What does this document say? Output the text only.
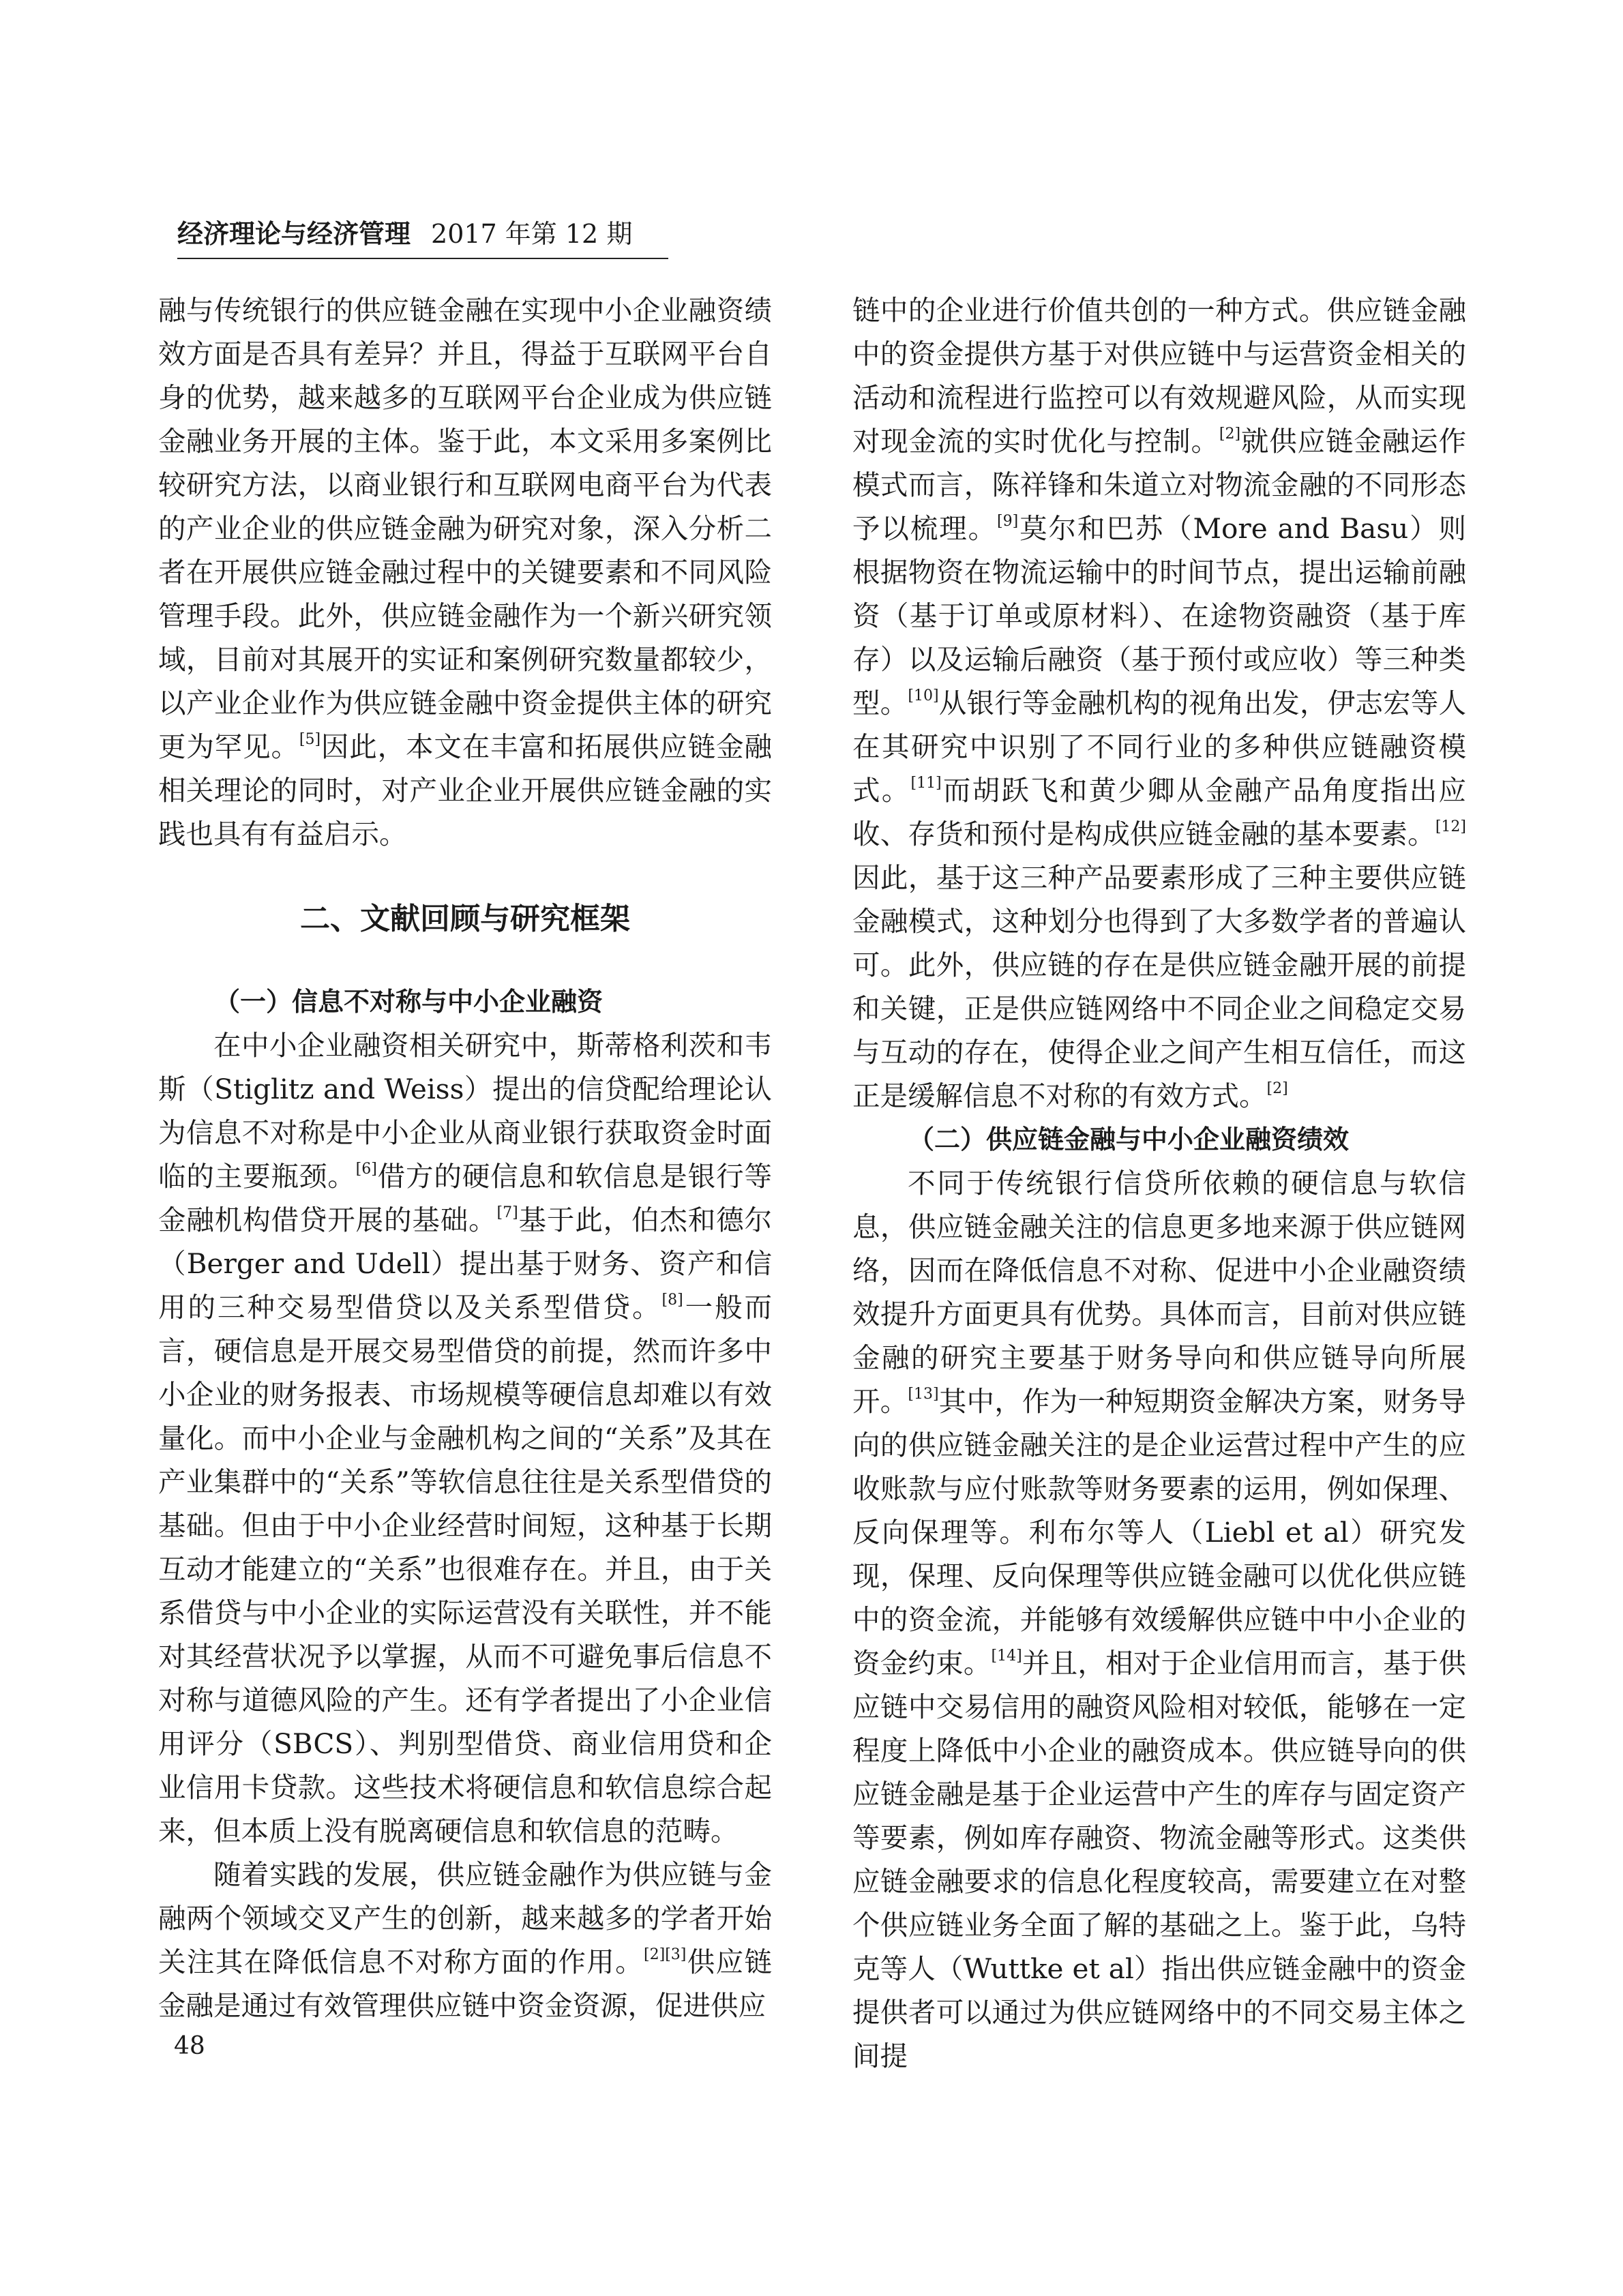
经济理论与经济管理 2017 年第 12 期

融与传统银行的供应链金融在实现中小企业融资绩效方面是否具有差异？并且，得益于互联网平台自身的优势，越来越多的互联网平台企业成为供应链金融业务开展的主体。鉴于此，本文采用多案例比较研究方法，以商业银行和互联网电商平台为代表的产业企业的供应链金融为研究对象，深入分析二者在开展供应链金融过程中的关键要素和不同风险管理手段。此外，供应链金融作为一个新兴研究领域，目前对其展开的实证和案例研究数量都较少，以产业企业作为供应链金融中资金提供主体的研究更为罕见。[5]因此，本文在丰富和拓展供应链金融相关理论的同时，对产业企业开展供应链金融的实践也具有有益启示。

二、文献回顾与研究框架

（一）信息不对称与中小企业融资

在中小企业融资相关研究中，斯蒂格利茨和韦斯（Stiglitz and Weiss）提出的信贷配给理论认为信息不对称是中小企业从商业银行获取资金时面临的主要瓶颈。[6]借方的硬信息和软信息是银行等金融机构借贷开展的基础。[7]基于此，伯杰和德尔（Berger and Udell）提出基于财务、资产和信用的三种交易型借贷以及关系型借贷。[8]一般而言，硬信息是开展交易型借贷的前提，然而许多中小企业的财务报表、市场规模等硬信息却难以有效量化。而中小企业与金融机构之间的“关系”及其在产业集群中的“关系”等软信息往往是关系型借贷的基础。但由于中小企业经营时间短，这种基于长期互动才能建立的“关系”也很难存在。并且，由于关系借贷与中小企业的实际运营没有关联性，并不能对其经营状况予以掌握，从而不可避免事后信息不对称与道德风险的产生。还有学者提出了小企业信用评分（SBCS）、判别型借贷、商业信用贷和企业信用卡贷款。这些技术将硬信息和软信息综合起来，但本质上没有脱离硬信息和软信息的范畴。

随着实践的发展，供应链金融作为供应链与金融两个领域交叉产生的创新，越来越多的学者开始关注其在降低信息不对称方面的作用。[2][3]供应链金融是通过有效管理供应链中资金资源，促进供应

链中的企业进行价值共创的一种方式。供应链金融中的资金提供方基于对供应链中与运营资金相关的活动和流程进行监控可以有效规避风险，从而实现对现金流的实时优化与控制。[2]就供应链金融运作模式而言，陈祥锋和朱道立对物流金融的不同形态予以梳理。[9]莫尔和巴苏（More and Basu）则根据物资在物流运输中的时间节点，提出运输前融资（基于订单或原材料）、在途物资融资（基于库存）以及运输后融资（基于预付或应收）等三种类型。[10]从银行等金融机构的视角出发，伊志宏等人在其研究中识别了不同行业的多种供应链融资模式。[11]而胡跃飞和黄少卿从金融产品角度指出应收、存货和预付是构成供应链金融的基本要素。[12]因此，基于这三种产品要素形成了三种主要供应链金融模式，这种划分也得到了大多数学者的普遍认可。此外，供应链的存在是供应链金融开展的前提和关键，正是供应链网络中不同企业之间稳定交易与互动的存在，使得企业之间产生相互信任，而这正是缓解信息不对称的有效方式。[2]

（二）供应链金融与中小企业融资绩效

不同于传统银行信贷所依赖的硬信息与软信息，供应链金融关注的信息更多地来源于供应链网络，因而在降低信息不对称、促进中小企业融资绩效提升方面更具有优势。具体而言，目前对供应链金融的研究主要基于财务导向和供应链导向所展开。[13]其中，作为一种短期资金解决方案，财务导向的供应链金融关注的是企业运营过程中产生的应收账款与应付账款等财务要素的运用，例如保理、反向保理等。利布尔等人（Liebl et al）研究发现，保理、反向保理等供应链金融可以优化供应链中的资金流，并能够有效缓解供应链中中小企业的资金约束。[14]并且，相对于企业信用而言，基于供应链中交易信用的融资风险相对较低，能够在一定程度上降低中小企业的融资成本。供应链导向的供应链金融是基于企业运营中产生的库存与固定资产等要素，例如库存融资、物流金融等形式。这类供应链金融要求的信息化程度较高，需要建立在对整个供应链业务全面了解的基础之上。鉴于此，乌特克等人（Wuttke et al）指出供应链金融中的资金提供者可以通过为供应链网络中的不同交易主体之间提

48
